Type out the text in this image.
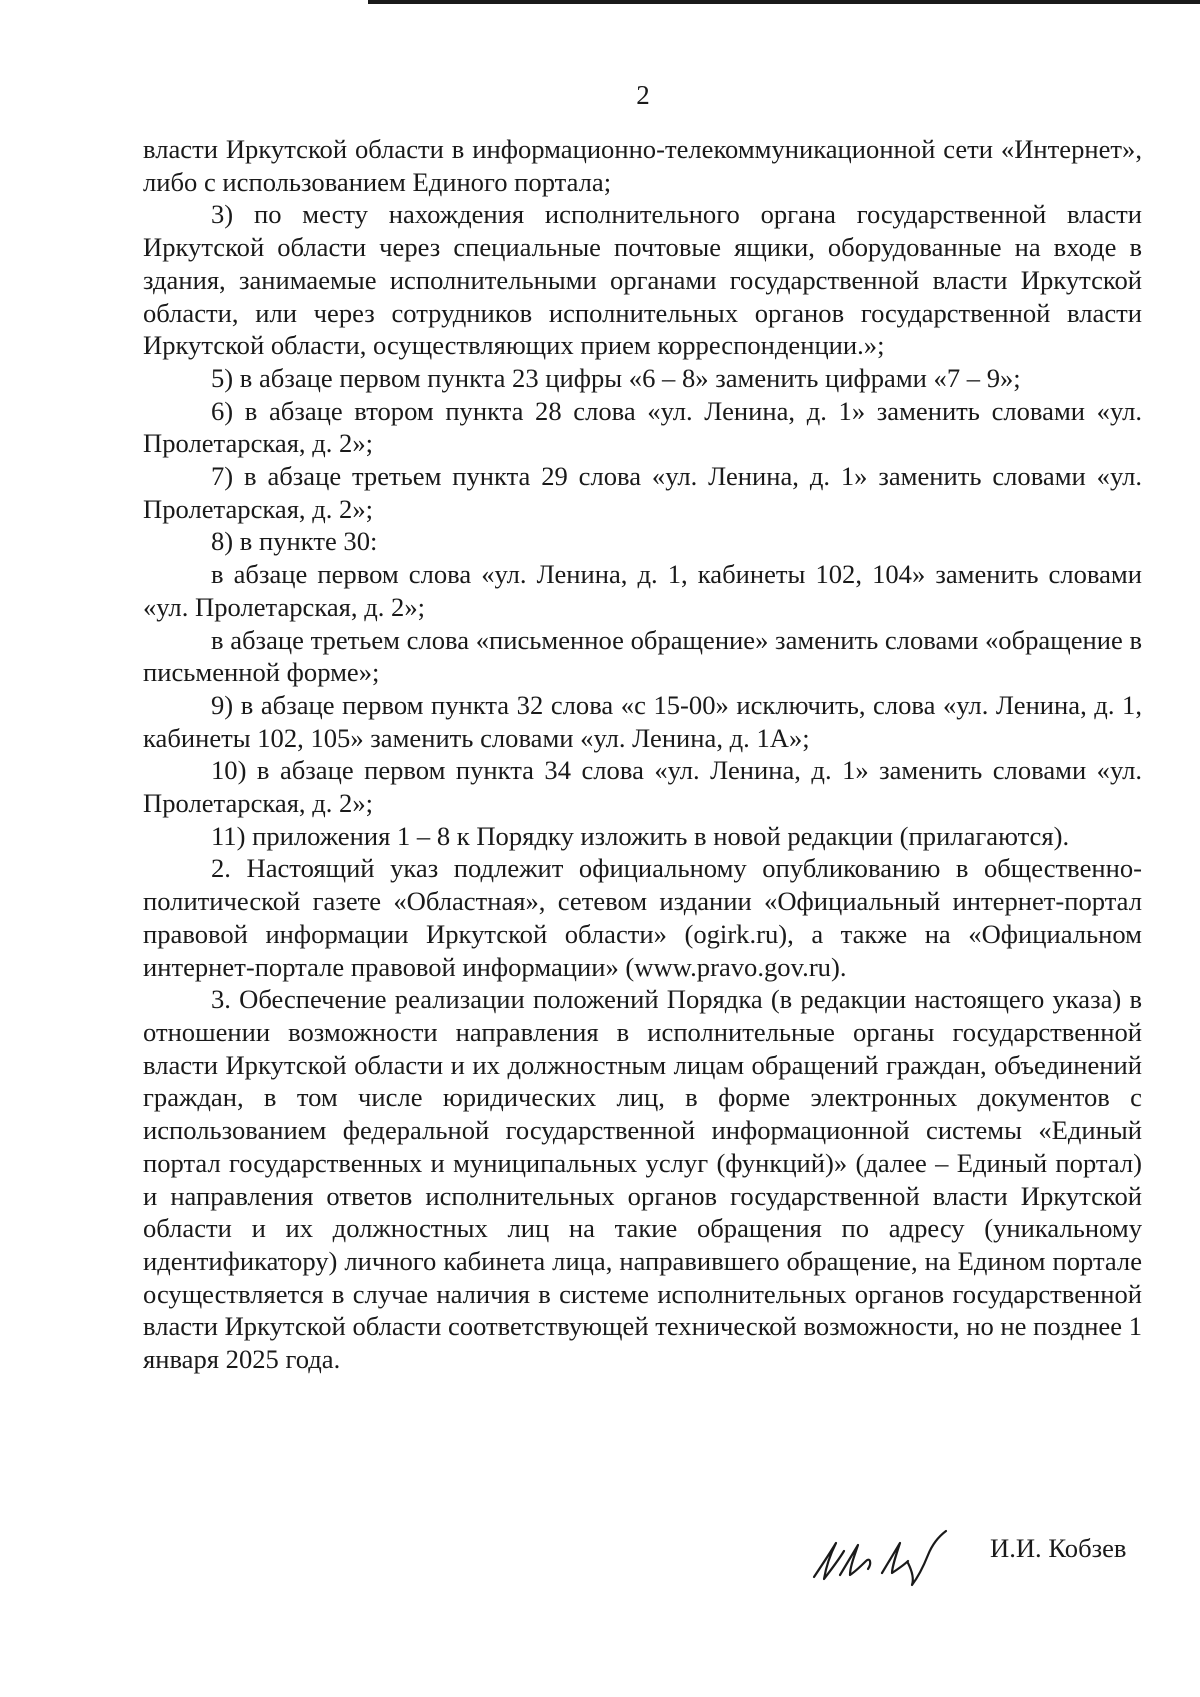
2

власти Иркутской области в информационно-телекоммуникационной сети «Интернет», либо с использованием Единого портала;

3) по месту нахождения исполнительного органа государственной власти Иркутской области через специальные почтовые ящики, оборудованные на входе в здания, занимаемые исполнительными органами государственной власти Иркутской области, или через сотрудников исполнительных органов государственной власти Иркутской области, осуществляющих прием корреспонденции.»;

5) в абзаце первом пункта 23 цифры «6 – 8» заменить цифрами «7 – 9»;

6) в абзаце втором пункта 28 слова «ул. Ленина, д. 1» заменить словами «ул. Пролетарская, д. 2»;

7) в абзаце третьем пункта 29 слова «ул. Ленина, д. 1» заменить словами «ул. Пролетарская, д. 2»;

8) в пункте 30:

в абзаце первом слова «ул. Ленина, д. 1, кабинеты 102, 104» заменить словами «ул. Пролетарская, д. 2»;

в абзаце третьем слова «письменное обращение» заменить словами «обращение в письменной форме»;

9) в абзаце первом пункта 32 слова «с 15-00» исключить, слова «ул. Ленина, д. 1, кабинеты 102, 105» заменить словами «ул. Ленина, д. 1А»;

10) в абзаце первом пункта 34 слова «ул. Ленина, д. 1» заменить словами «ул. Пролетарская, д. 2»;

11) приложения 1 – 8 к Порядку изложить в новой редакции (прилагаются).

2. Настоящий указ подлежит официальному опубликованию в общественно-политической газете «Областная», сетевом издании «Официальный интернет-портал правовой информации Иркутской области» (ogirk.ru), а также на «Официальном интернет-портале правовой информации» (www.pravo.gov.ru).

3. Обеспечение реализации положений Порядка (в редакции настоящего указа) в отношении возможности направления в исполнительные органы государственной власти Иркутской области и их должностным лицам обращений граждан, объединений граждан, в том числе юридических лиц, в форме электронных документов с использованием федеральной государственной информационной системы «Единый портал государственных и муниципальных услуг (функций)» (далее – Единый портал) и направления ответов исполнительных органов государственной власти Иркутской области и их должностных лиц на такие обращения по адресу (уникальному идентификатору) личного кабинета лица, направившего обращение, на Едином портале осуществляется в случае наличия в системе исполнительных органов государственной власти Иркутской области соответствующей технической возможности, но не позднее 1 января 2025 года.

И.И. Кобзев
